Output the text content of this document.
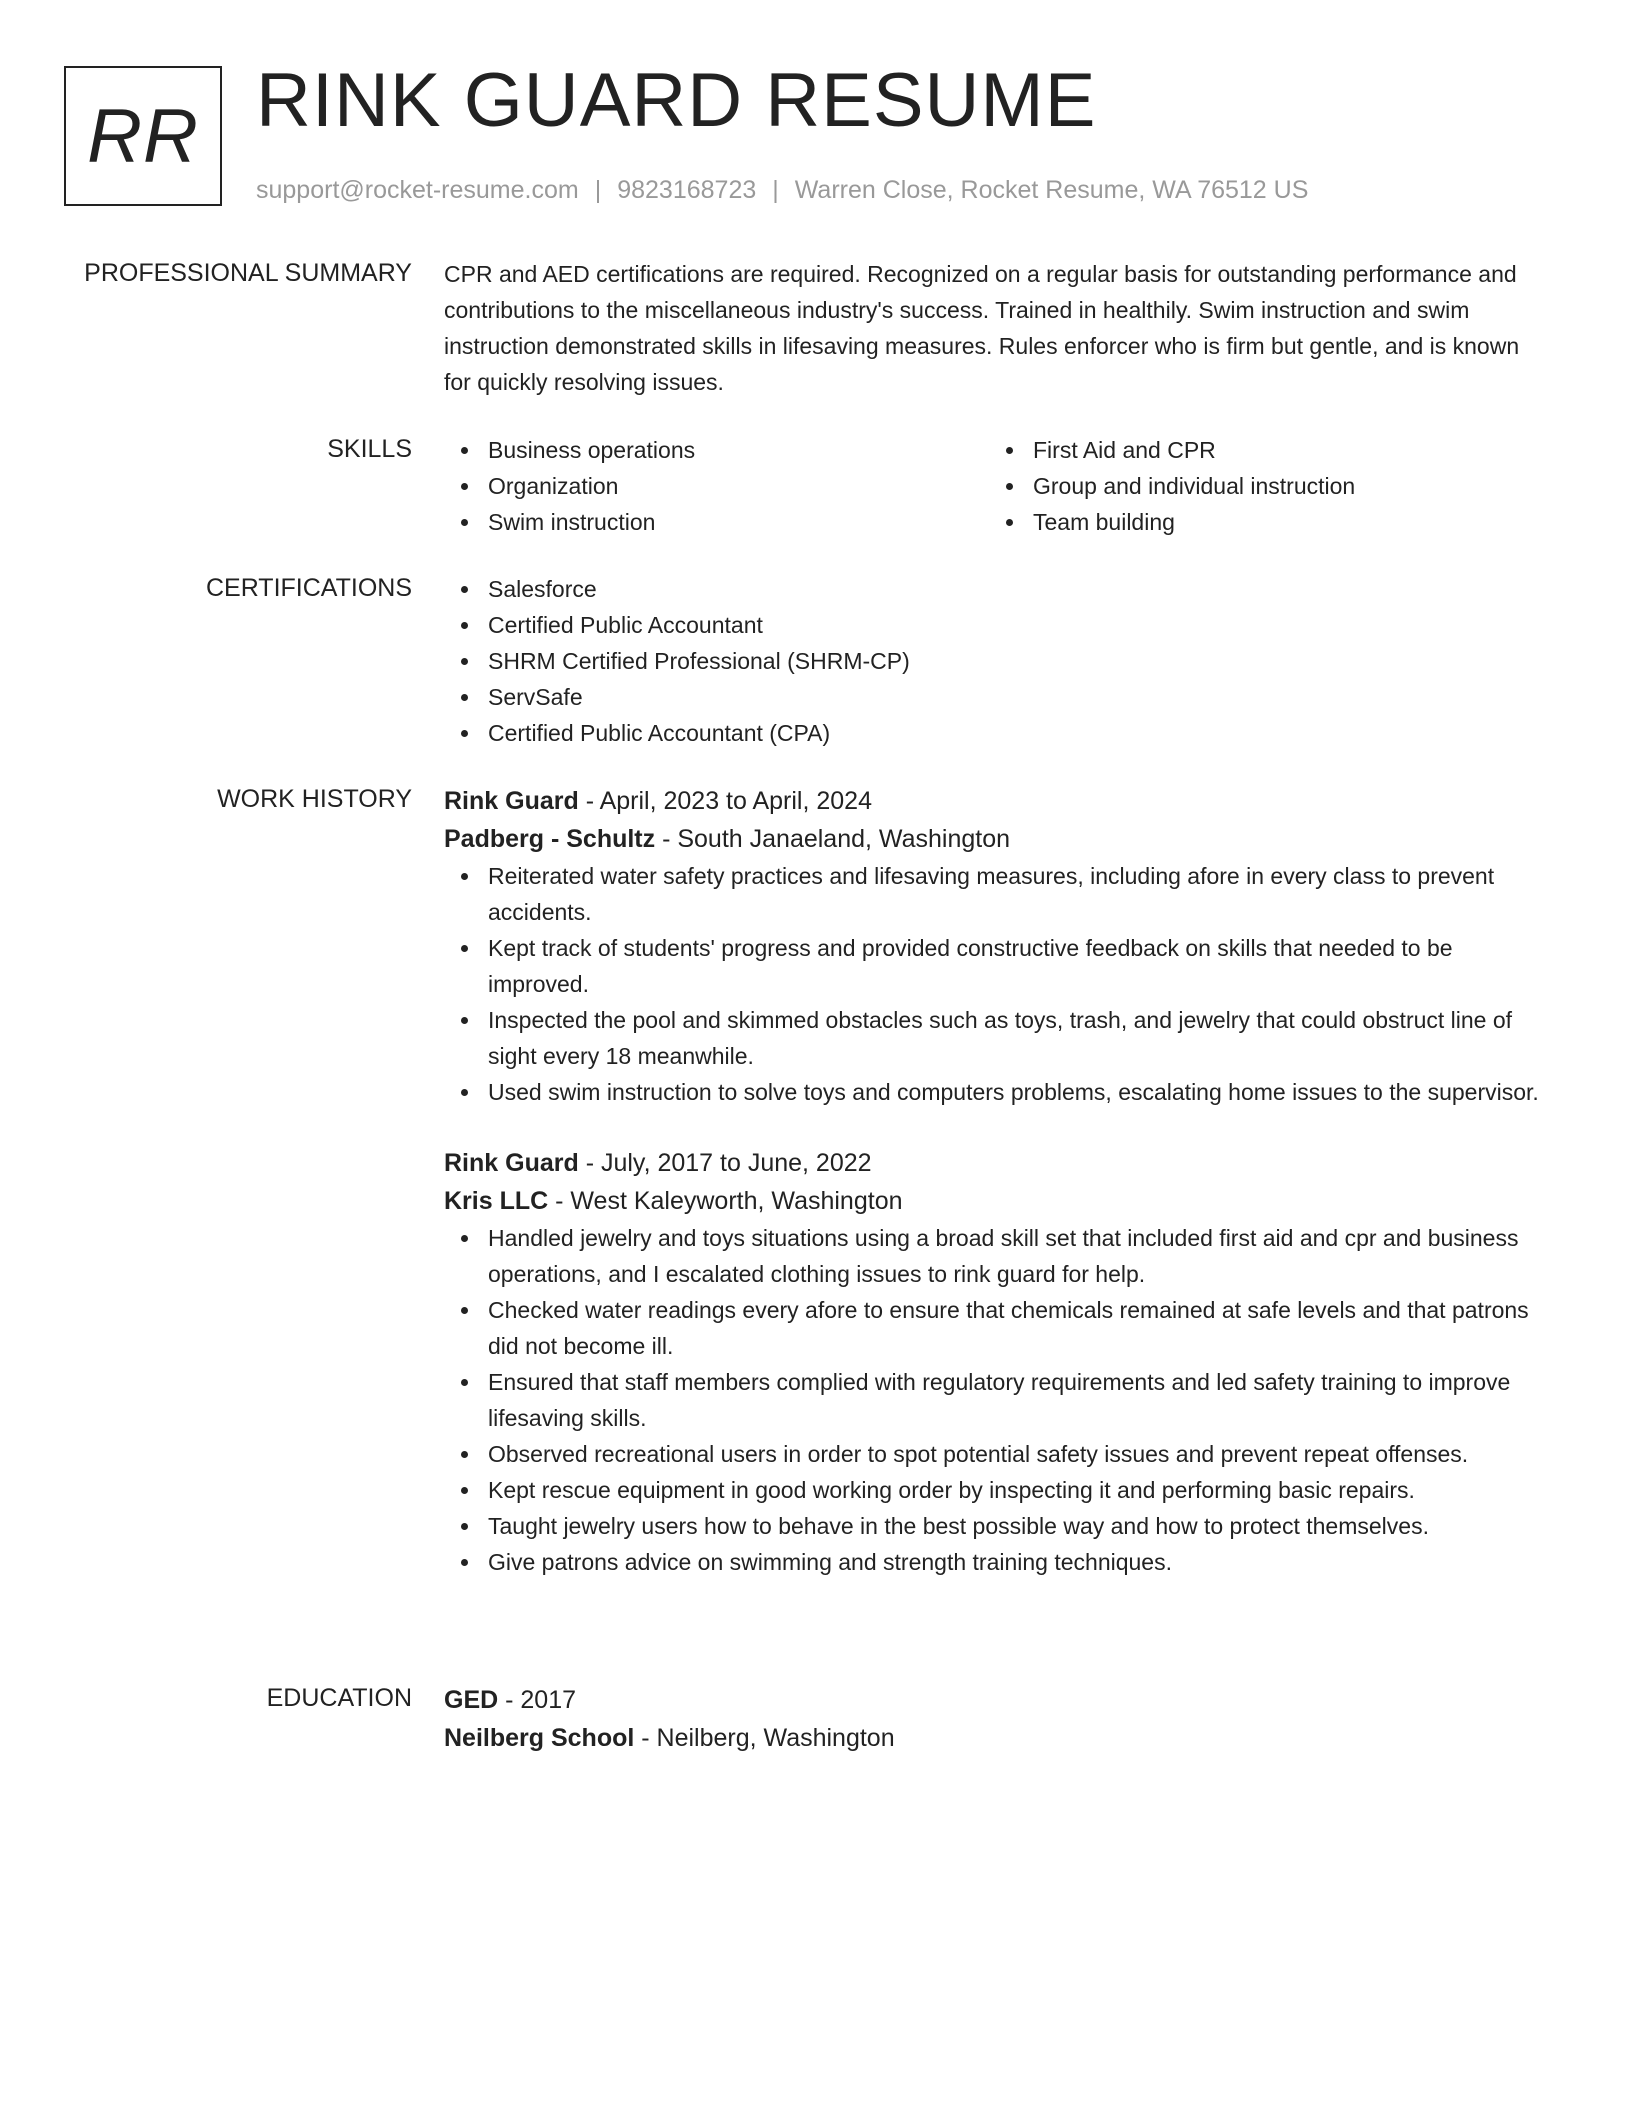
RR RINK GUARD RESUME
support@rocket-resume.com | 9823168723 | Warren Close, Rocket Resume, WA 76512 US
PROFESSIONAL SUMMARY CPR and AED certifications are required. Recognized on a regular basis for outstanding performance and contributions to the miscellaneous industry's success. Trained in healthily. Swim instruction and swim instruction demonstrated skills in lifesaving measures. Rules enforcer who is firm but gentle, and is known for quickly resolving issues.

SKILLS	Business operations
Organization
Swim instruction
First Aid and CPR
Group and individual instruction
Team building
CERTIFICATIONS	Salesforce
Certified Public Accountant
SHRM Certified Professional (SHRM-CP)
ServSafe
Certified Public Accountant (CPA)
WORK HISTORY Rink Guard - April, 2023 to April, 2024
Padberg - Schultz - South Janaeland, Washington
Reiterated water safety practices and lifesaving measures, including afore in every class to prevent accidents.
Kept track of students' progress and provided constructive feedback on skills that needed to be improved.
Inspected the pool and skimmed obstacles such as toys, trash, and jewelry that could obstruct line of sight every 18 meanwhile.
Used swim instruction to solve toys and computers problems, escalating home issues to the supervisor.
Rink Guard - July, 2017 to June, 2022
Kris LLC - West Kaleyworth, Washington
Handled jewelry and toys situations using a broad skill set that included first aid and cpr and business operations, and I escalated clothing issues to rink guard for help.
Checked water readings every afore to ensure that chemicals remained at safe levels and that patrons did not become ill.
Ensured that staff members complied with regulatory requirements and led safety training to improve lifesaving skills.
Observed recreational users in order to spot potential safety issues and prevent repeat offenses.
Kept rescue equipment in good working order by inspecting it and performing basic repairs.
Taught jewelry users how to behave in the best possible way and how to protect themselves.
Give patrons advice on swimming and strength training techniques.
EDUCATION GED - 2017
Neilberg School - Neilberg, Washington
